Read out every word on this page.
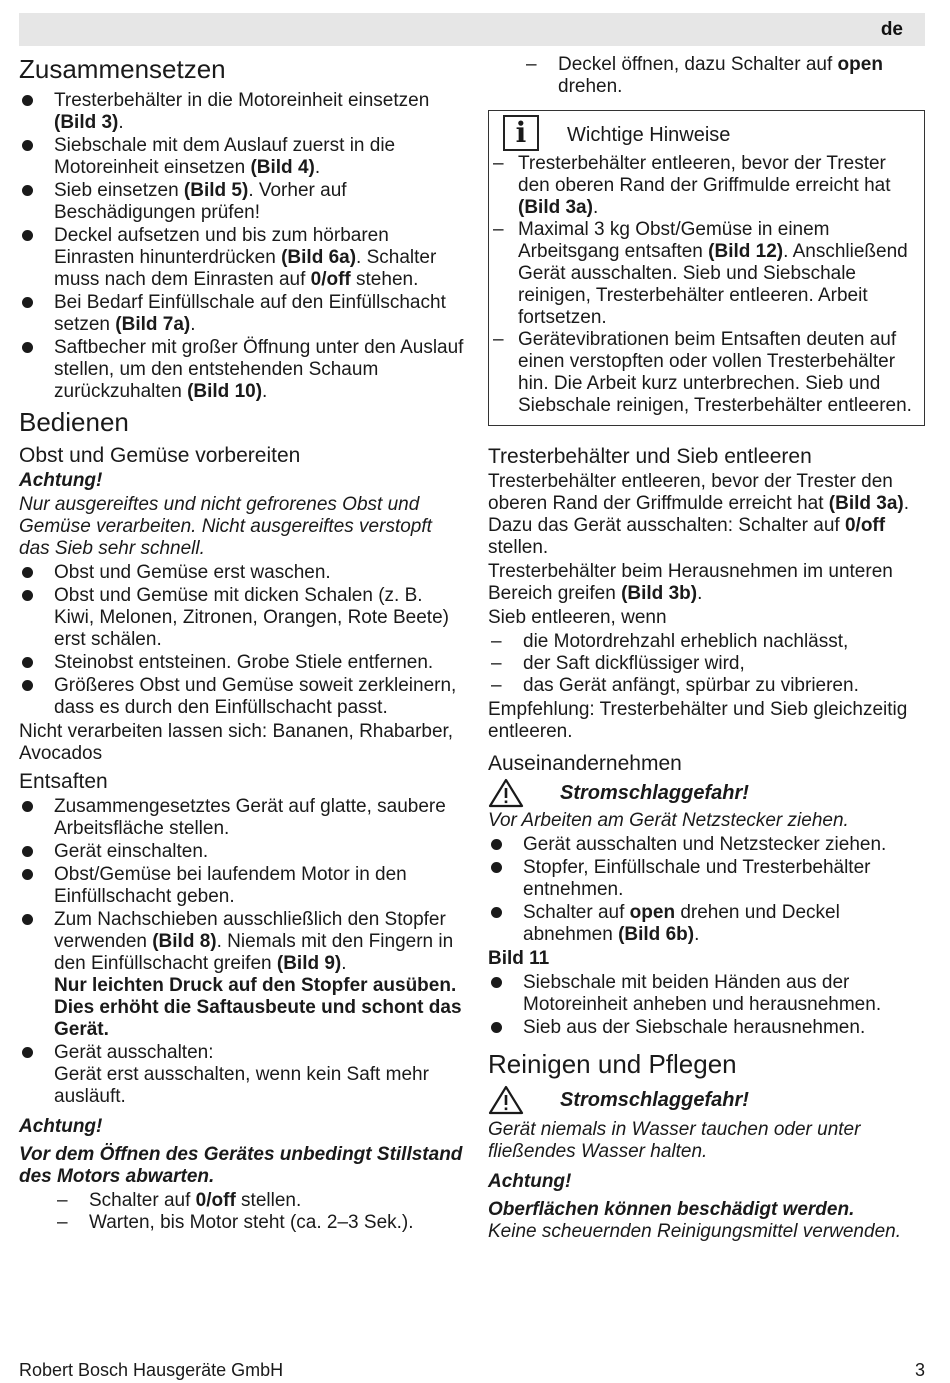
de
Zusammensetzen
Tresterbehälter in die Motoreinheit einsetzen (Bild 3).
Siebschale mit dem Auslauf zuerst in die Motoreinheit einsetzen (Bild 4).
Sieb einsetzen (Bild 5). Vorher auf Beschädigungen prüfen!
Deckel aufsetzen und bis zum hörbaren Einrasten hinunterdrücken (Bild 6a). Schalter muss nach dem Einrasten auf 0/off stehen.
Bei Bedarf Einfüllschale auf den Einfüllschacht setzen (Bild 7a).
Saftbecher mit großer Öffnung unter den Auslauf stellen, um den entstehenden Schaum zurückzuhalten (Bild 10).
Bedienen
Obst und Gemüse vorbereiten

Achtung!

Nur ausgereiftes und nicht gefrorenes Obst und Gemüse verarbeiten. Nicht ausgereiftes verstopft das Sieb sehr schnell.

Obst und Gemüse erst waschen.
Obst und Gemüse mit dicken Schalen (z. B. Kiwi, Melonen, Zitronen, Orangen, Rote Beete) erst schälen.
Steinobst entsteinen. Grobe Stiele entfernen.
Größeres Obst und Gemüse soweit zerkleinern, dass es durch den Einfüllschacht passt.

Nicht verarbeiten lassen sich: Bananen, Rhabarber, Avocados

Entsaften
Zusammengesetztes Gerät auf glatte, saubere Arbeitsfläche stellen.
Gerät einschalten.
Obst/Gemüse bei laufendem Motor in den Einfüllschacht geben.
Zum Nachschieben ausschließlich den Stopfer verwenden (Bild 8). Niemals mit den Fingern in den Einfüllschacht greifen (Bild 9).
Nur leichten Druck auf den Stopfer ausüben. Dies erhöht die Saftausbeute und schont das Gerät.
Gerät ausschalten:
Gerät erst ausschalten, wenn kein Saft mehr ausläuft.

Achtung!

Vor dem Öffnen des Gerätes unbedingt Stillstand des Motors abwarten.

– Schalter auf 0/off stellen.
– Warten, bis Motor steht (ca. 2–3 Sek.).
– Deckel öffnen, dazu Schalter auf open drehen.
i	Wichtige Hinweise
– Tresterbehälter entleeren, bevor der Trester den oberen Rand der Griffmulde erreicht hat (Bild 3a).
– Maximal 3 kg Obst/Gemüse in einem Arbeitsgang entsaften (Bild 12). Anschließend Gerät ausschalten. Sieb und Siebschale reinigen, Tresterbehälter entleeren. Arbeit fortsetzen.
– Gerätevibrationen beim Entsaften deuten auf einen verstopften oder vollen Tresterbehälter hin. Die Arbeit kurz unterbrechen. Sieb und Siebschale reinigen, Tresterbehälter entleeren.
Tresterbehälter und Sieb entleeren

Tresterbehälter entleeren, bevor der Trester den oberen Rand der Griffmulde erreicht hat (Bild 3a). Dazu das Gerät ausschalten: Schalter auf 0/off stellen.

Tresterbehälter beim Herausnehmen im unteren Bereich greifen (Bild 3b).

Sieb entleeren, wenn

– die Motordrehzahl erheblich nachlässt,
– der Saft dickflüssiger wird,
– das Gerät anfängt, spürbar zu vibrieren.

Empfehlung: Tresterbehälter und Sieb gleichzeitig entleeren.

Auseinandernehmen
Stromschlaggefahr!

Vor Arbeiten am Gerät Netzstecker ziehen.

Gerät ausschalten und Netzstecker ziehen.
Stopfer, Einfüllschale und Tresterbehälter entnehmen.
Schalter auf open drehen und Deckel abnehmen (Bild 6b).

Bild 11

Siebschale mit beiden Händen aus der Motoreinheit anheben und herausnehmen.
Sieb aus der Siebschale herausnehmen.
Reinigen und Pflegen
Stromschlaggefahr!

Gerät niemals in Wasser tauchen oder unter fließendes Wasser halten.

Achtung!

Oberflächen können beschädigt werden.

Keine scheuernden Reinigungsmittel verwenden.

Robert Bosch Hausgeräte GmbH	3
